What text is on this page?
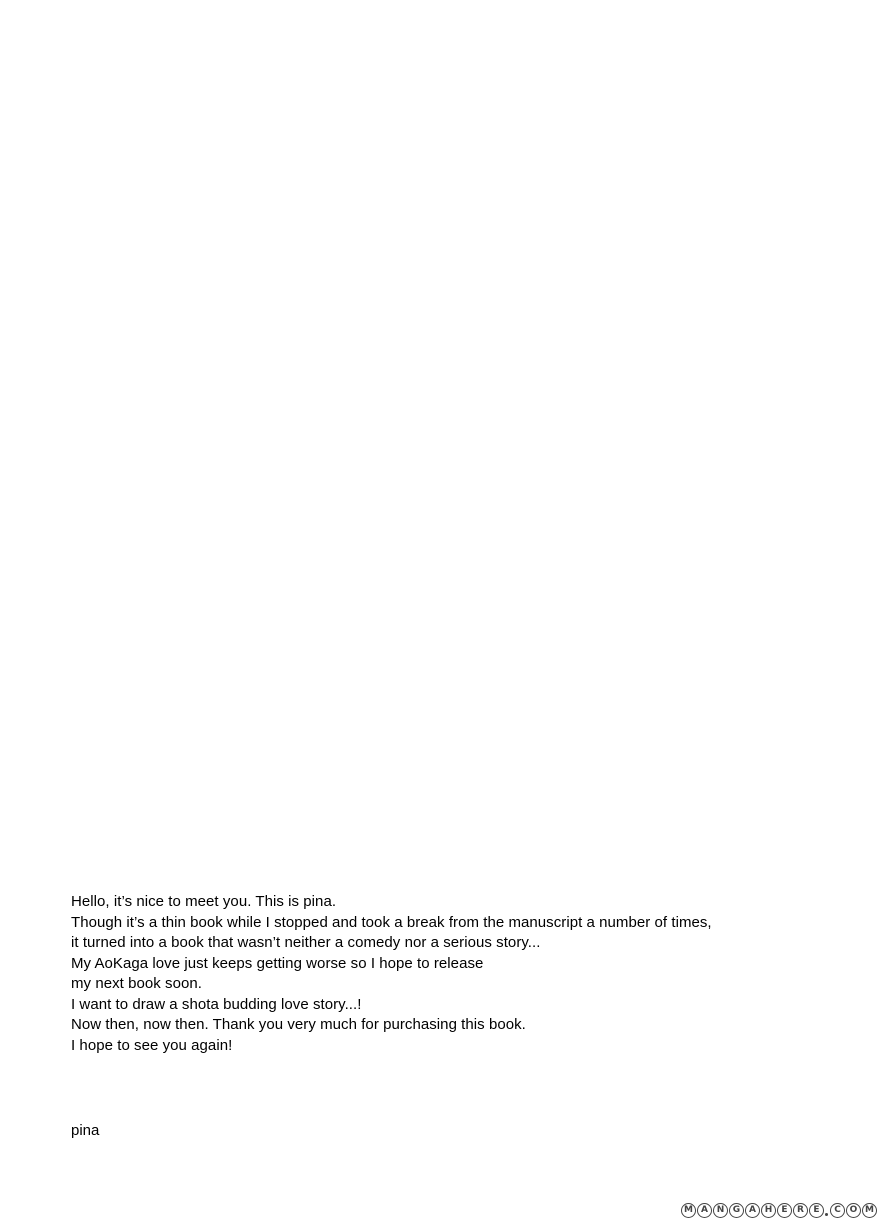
Hello, it’s nice to meet you. This is pina.
Though it’s a thin book while I stopped and took a break from the manuscript a number of times,
it turned into a book that wasn’t neither a comedy nor a serious story...
My AoKaga love just keeps getting worse so I hope to release
my next book soon.
I want to draw a shota budding love story...!
Now then, now then. Thank you very much for purchasing this book.
I hope to see you again!
pina
M A N G A H	E	R	E	C O M
